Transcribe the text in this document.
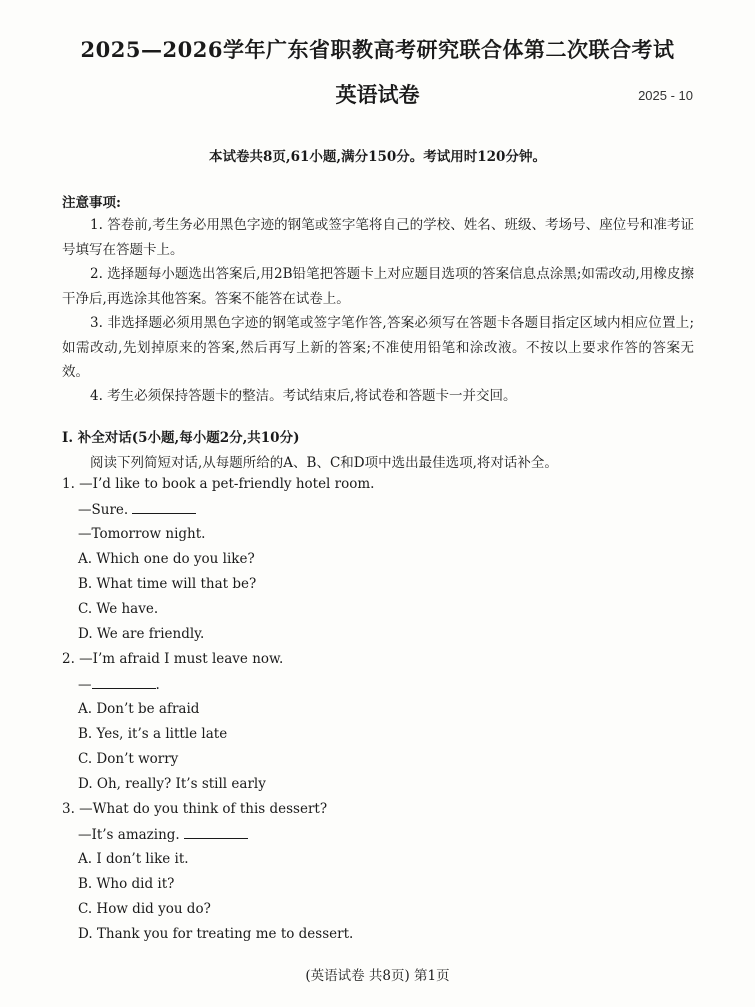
2025—2026学年广东省职教高考研究联合体第二次联合考试
英语试卷	2025 - 10
本试卷共8页,61小题,满分150分。考试用时120分钟。
注意事项:
1. 答卷前,考生务必用黑色字迹的钢笔或签字笔将自己的学校、姓名、班级、考场号、座位号和准考证号填写在答题卡上。
2. 选择题每小题选出答案后,用2B铅笔把答题卡上对应题目选项的答案信息点涂黑;如需改动,用橡皮擦干净后,再选涂其他答案。答案不能答在试卷上。
3. 非选择题必须用黑色字迹的钢笔或签字笔作答,答案必须写在答题卡各题目指定区域内相应位置上;如需改动,先划掉原来的答案,然后再写上新的答案;不准使用铅笔和涂改液。不按以上要求作答的答案无效。
4. 考生必须保持答题卡的整洁。考试结束后,将试卷和答题卡一并交回。
Ⅰ. 补全对话(5小题,每小题2分,共10分)
阅读下列简短对话,从每题所给的A、B、C和D项中选出最佳选项,将对话补全。
1. —I’d like to book a pet-friendly hotel room.
—Sure.
—Tomorrow night.
A. Which one do you like?
B. What time will that be?
C. We have.
D. We are friendly.
2. —I’m afraid I must leave now.
—	.
A. Don’t be afraid
B. Yes, it’s a little late
C. Don’t worry
D. Oh, really? It’s still early
3. —What do you think of this dessert?
—It’s amazing.
A. I don’t like it.
B. Who did it?
C. How did you do?
D. Thank you for treating me to dessert.
(英语试卷 共8页) 第1页
